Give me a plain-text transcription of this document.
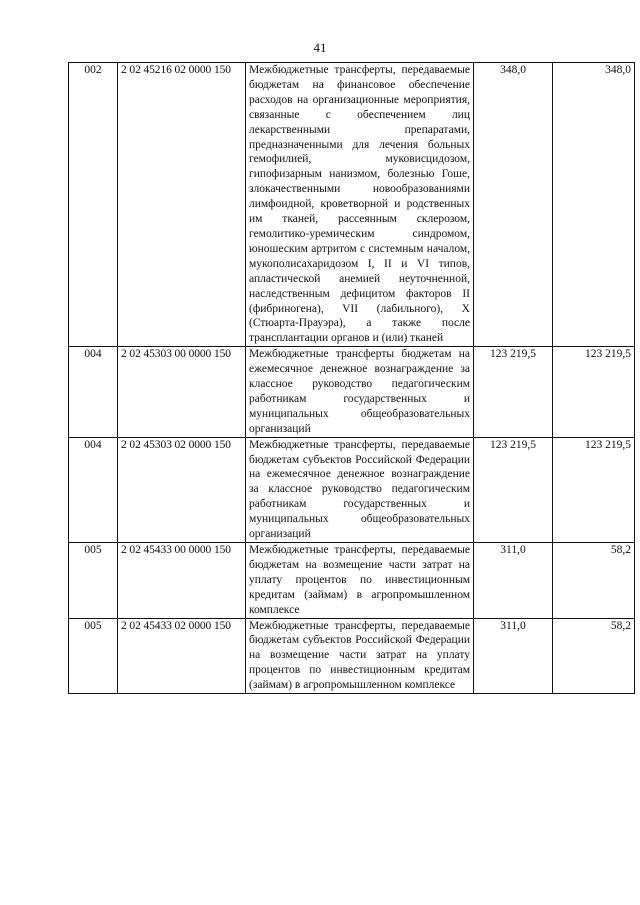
41
002	2 02 45216 02 0000 150	Межбюджетные трансферты, передаваемые бюджетам на финансовое обеспечение расходов на организационные мероприятия, связанные с обеспечением лиц лекарственными препаратами, предназначенными для лечения больных гемофилией, муковисцидозом, гипофизарным нанизмом, болезнью Гоше, злокачественными новообразованиями лимфоидной, кроветворной и родственных им тканей, рассеянным склерозом, гемолитико-уремическим синдромом, юношеским артритом с системным началом, мукополисахаридозом I, II и VI типов, апластической анемией неуточненной, наследственным дефицитом факторов II (фибриногена), VII (лабильного), X (Стюарта-Прауэра), а также после трансплантации органов и (или) тканей	348,0	348,0
004	2 02 45303 00 0000 150	Межбюджетные трансферты бюджетам на ежемесячное денежное вознаграждение за классное руководство педагогическим работникам государственных и муниципальных общеобразовательных организаций	123 219,5	123 219,5
004	2 02 45303 02 0000 150	Межбюджетные трансферты, передаваемые бюджетам субъектов Российской Федерации на ежемесячное денежное вознаграждение за классное руководство педагогическим работникам государственных и муниципальных общеобразовательных организаций	123 219,5	123 219,5
005	2 02 45433 00 0000 150	Межбюджетные трансферты, передаваемые бюджетам на возмещение части затрат на уплату процентов по инвестиционным кредитам (займам) в агропромышленном комплексе	311,0	58,2
005	2 02 45433 02 0000 150	Межбюджетные трансферты, передаваемые бюджетам субъектов Российской Федерации на возмещение части затрат на уплату процентов по инвестиционным кредитам (займам) в агропромышленном комплексе	311,0	58,2
